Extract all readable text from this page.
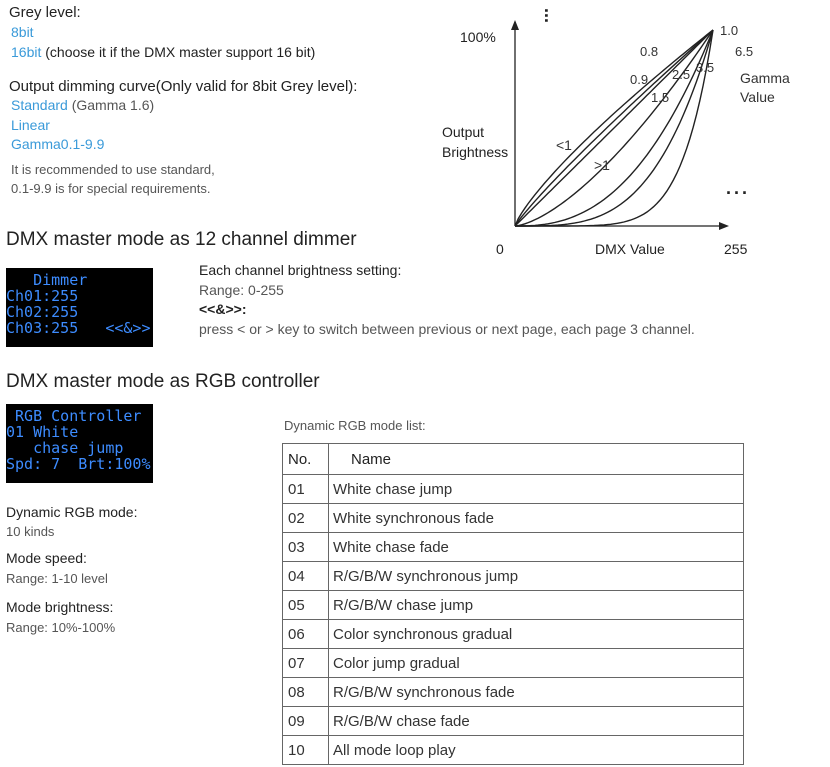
Grey level:
8bit
16bit (choose it if the DMX master support 16 bit)
Output dimming curve(Only valid for 8bit Grey level):
Standard (Gamma 1.6)
Linear
Gamma0.1-9.9
It is recommended to use standard,
0.1-9.9 is for special requirements.
0.8
0.9
1.0
1.5
2.5 3.5
6.5
100%
Output
Brightness
0	DMX Value	255
Gamma
Value
<1
>1
...
...
DMX master mode as 12 channel dimmer
Dimmer
Ch01:255
Ch02:255
Ch03:255   <<&>>
Each channel brightness setting:
Range: 0-255
<<&>>:
press < or > key to switch between previous or next page, each page 3 channel.
DMX master mode as RGB controller
RGB Controller
01 White
chase jump
Spd: 7  Brt:100%
Dynamic RGB mode:
10 kinds
Mode speed:
Range: 1-10 level
Mode brightness:
Range: 10%-100%
Dynamic RGB mode list:
No.	Name
01	White chase jump
02	White synchronous fade
03	White chase fade
04	R/G/B/W synchronous jump
05	R/G/B/W chase jump
06	Color synchronous gradual
07	Color jump gradual
08	R/G/B/W synchronous fade
09	R/G/B/W chase fade
10	All mode loop play
